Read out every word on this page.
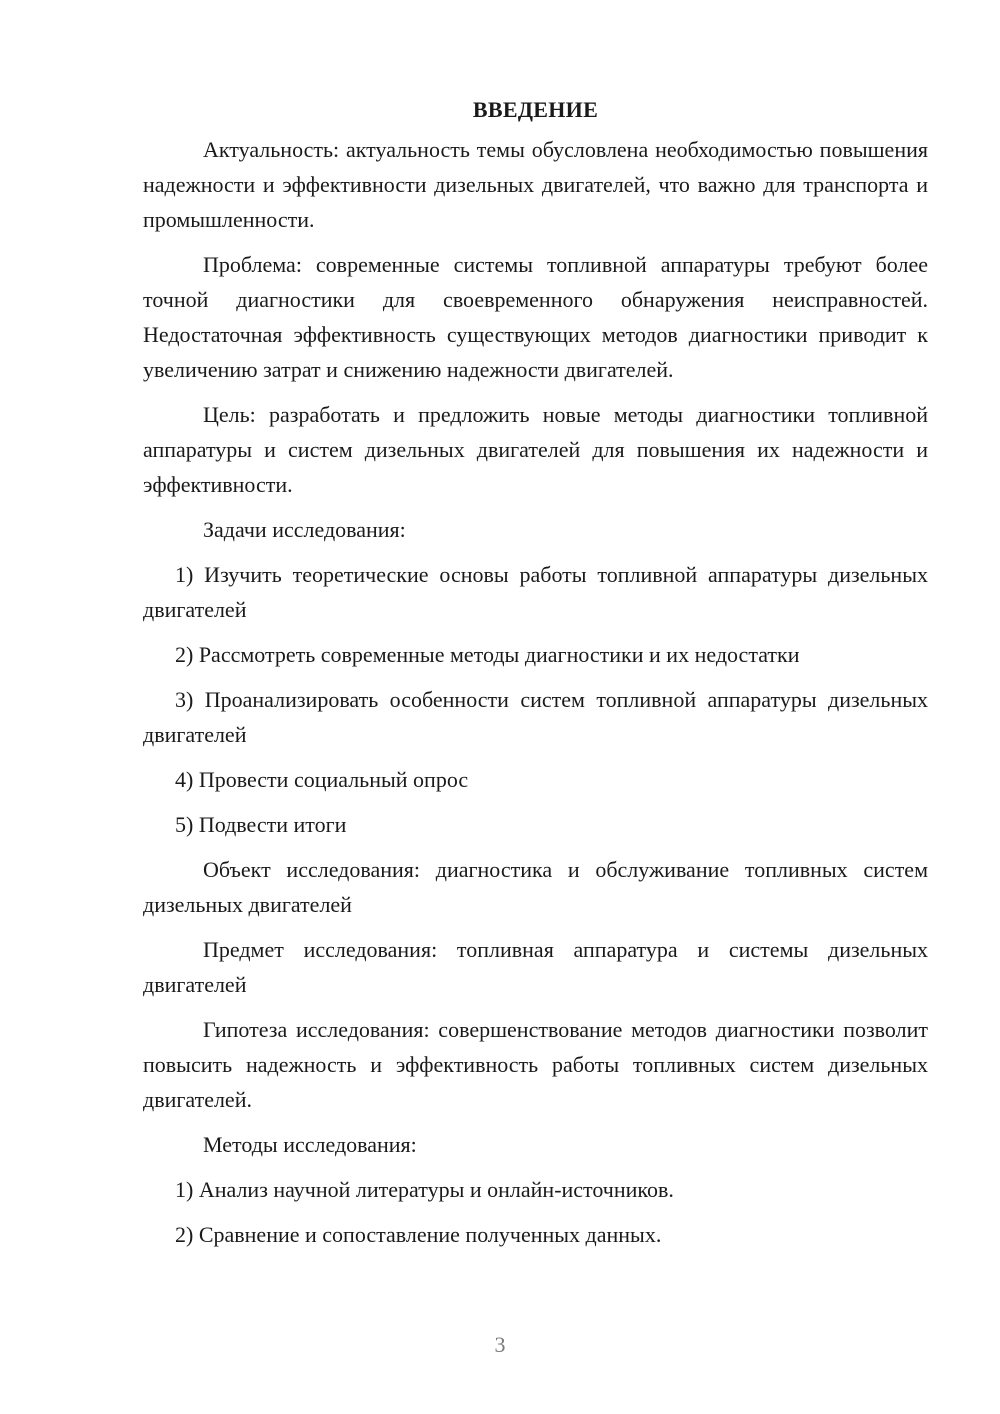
ВВЕДЕНИЕ

Актуальность: актуальность темы обусловлена необходимостью повышения надежности и эффективности дизельных двигателей, что важно для транспорта и промышленности.

Проблема: современные системы топливной аппаратуры требуют более точной диагностики для своевременного обнаружения неисправностей. Недостаточная эффективность существующих методов диагностики приводит к увеличению затрат и снижению надежности двигателей.

Цель: разработать и предложить новые методы диагностики топливной аппаратуры и систем дизельных двигателей для повышения их надежности и эффективности.

Задачи исследования:

1) Изучить теоретические основы работы топливной аппаратуры дизельных двигателей

2) Рассмотреть современные методы диагностики и их недостатки

3) Проанализировать особенности систем топливной аппаратуры дизельных двигателей

4) Провести социальный опрос

5) Подвести итоги

Объект исследования: диагностика и обслуживание топливных систем дизельных двигателей

Предмет исследования: топливная аппаратура и системы дизельных двигателей

Гипотеза исследования: совершенствование методов диагностики позволит повысить надежность и эффективность работы топливных систем дизельных двигателей.

Методы исследования:

1) Анализ научной литературы и онлайн-источников.

2) Сравнение и сопоставление полученных данных.

3
